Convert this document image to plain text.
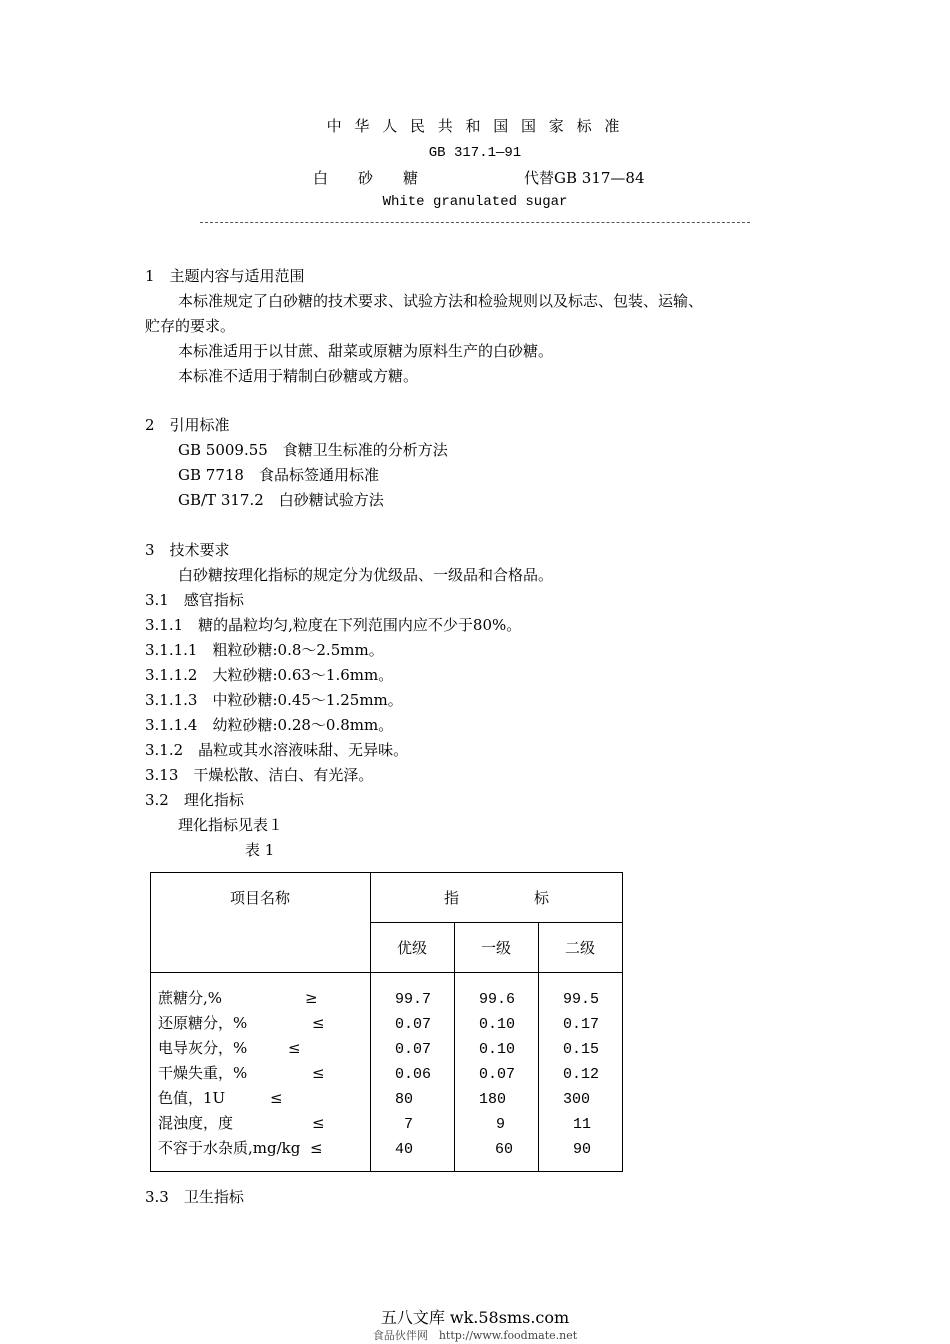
中 华 人 民 共 和 国 国 家 标 准
GB 317.1—91
白　　砂　　糖	代替GB 317—84
White granulated sugar
1　主题内容与适用范围
本标准规定了白砂糖的技术要求、试验方法和检验规则以及标志、包装、运输、
贮存的要求。
本标准适用于以甘蔗、甜菜或原糖为原料生产的白砂糖。
本标准不适用于精制白砂糖或方糖。
2　引用标准
GB 5009.55　食糖卫生标准的分析方法
GB 7718　食品标签通用标准
GB/T 317.2　白砂糖试验方法
3　技术要求
白砂糖按理化指标的规定分为优级品、一级品和合格品。
3.1　感官指标
3.1.1　糖的晶粒均匀,粒度在下列范围内应不少于80%。
3.1.1.1　粗粒砂糖:0.8～2.5mm。
3.1.1.2　大粒砂糖:0.63～1.6mm。
3.1.1.3　中粒砂糖:0.45～1.25mm。
3.1.1.4　幼粒砂糖:0.28～0.8mm。
3.1.2　晶粒或其水溶液味甜、无异味。
3.13　干燥松散、洁白、有光泽。
3.2　理化指标
理化指标见表１
表 1
项目名称	指　　　　　标
优级	一级	二级
蔗糖分,%	≥	99.7	99.6	99.5
还原糖分，%	≤	0.07	0.10	0.17
电导灰分，%	≤	0.07	0.10	0.15
干燥失重，%	≤	0.06	0.07	0.12
色值，1U	≤	80	180	300
混浊度，度	≤	7	9	11
不容于水杂质,mg/kg ≤	40	60	90
3.3　卫生指标
五八文库 wk.58sms.com
食品伙伴网　http://www.foodmate.net
